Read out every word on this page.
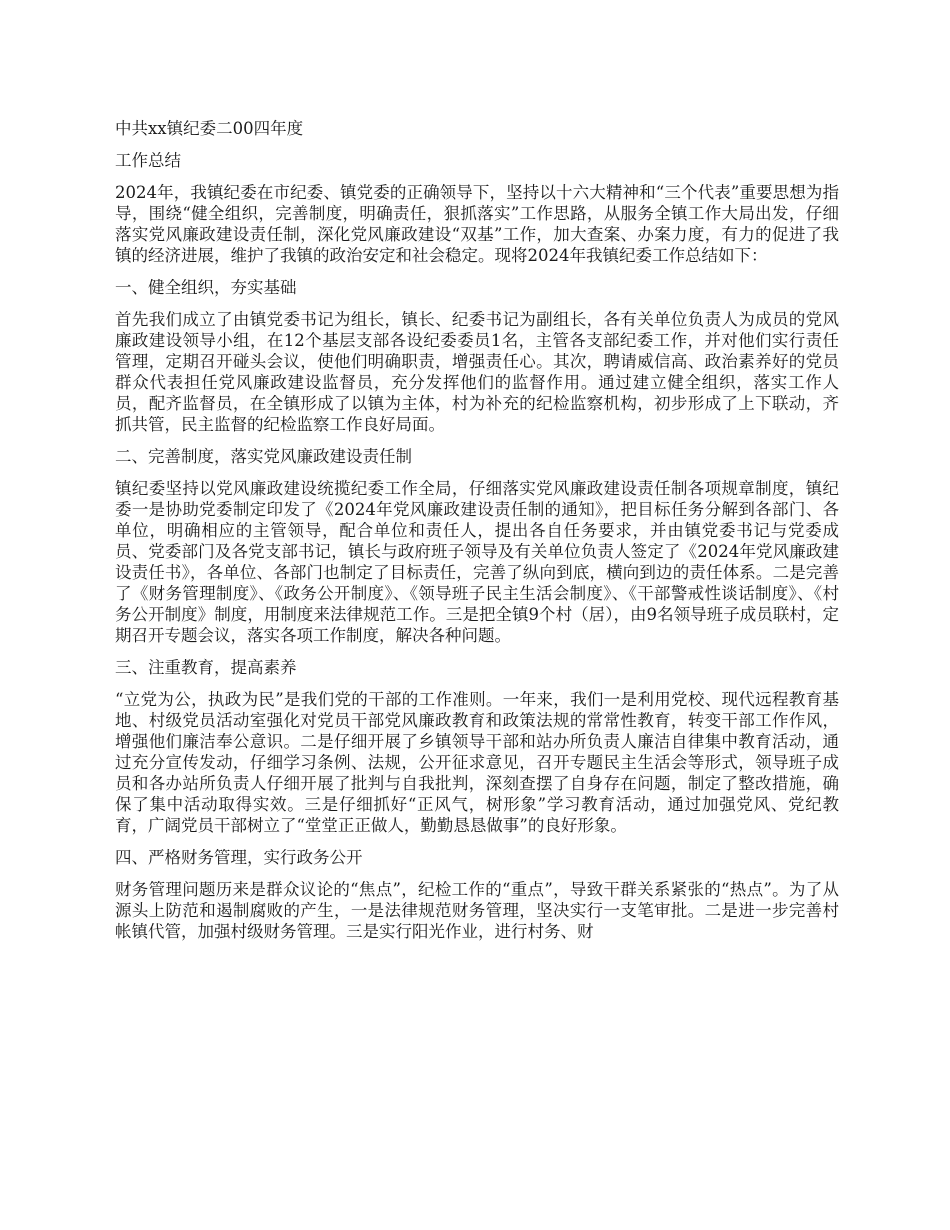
中共xx镇纪委二00四年度

工作总结

2024年，我镇纪委在市纪委、镇党委的正确领导下，坚持以十六大精神和“三个代表”重要思想为指导，围绕“健全组织，完善制度，明确责任，狠抓落实”工作思路，从服务全镇工作大局出发，仔细落实党风廉政建设责任制，深化党风廉政建设“双基”工作，加大查案、办案力度，有力的促进了我镇的经济进展，维护了我镇的政治安定和社会稳定。现将2024年我镇纪委工作总结如下：

一、健全组织，夯实基础

首先我们成立了由镇党委书记为组长，镇长、纪委书记为副组长，各有关单位负责人为成员的党风廉政建设领导小组，在12个基层支部各设纪委委员1名，主管各支部纪委工作，并对他们实行责任管理，定期召开碰头会议，使他们明确职责，增强责任心。其次，聘请威信高、政治素养好的党员群众代表担任党风廉政建设监督员，充分发挥他们的监督作用。通过建立健全组织，落实工作人员，配齐监督员，在全镇形成了以镇为主体，村为补充的纪检监察机构，初步形成了上下联动，齐抓共管，民主监督的纪检监察工作良好局面。

二、完善制度，落实党风廉政建设责任制

镇纪委坚持以党风廉政建设统揽纪委工作全局，仔细落实党风廉政建设责任制各项规章制度，镇纪委一是协助党委制定印发了《2024年党风廉政建设责任制的通知》，把目标任务分解到各部门、各单位，明确相应的主管领导，配合单位和责任人，提出各自任务要求，并由镇党委书记与党委成员、党委部门及各党支部书记，镇长与政府班子领导及有关单位负责人签定了《2024年党风廉政建设责任书》，各单位、各部门也制定了目标责任，完善了纵向到底，横向到边的责任体系。二是完善了《财务管理制度》、《政务公开制度》、《领导班子民主生活会制度》、《干部警戒性谈话制度》、《村务公开制度》制度，用制度来法律规范工作。三是把全镇9个村（居），由9名领导班子成员联村，定期召开专题会议，落实各项工作制度，解决各种问题。

三、注重教育，提高素养

“立党为公，执政为民”是我们党的干部的工作准则。一年来，我们一是利用党校、现代远程教育基地、村级党员活动室强化对党员干部党风廉政教育和政策法规的常常性教育，转变干部工作作风，增强他们廉洁奉公意识。二是仔细开展了乡镇领导干部和站办所负责人廉洁自律集中教育活动，通过充分宣传发动，仔细学习条例、法规，公开征求意见，召开专题民主生活会等形式，领导班子成员和各办站所负责人仔细开展了批判与自我批判，深刻查摆了自身存在问题，制定了整改措施，确保了集中活动取得实效。三是仔细抓好“正风气，树形象”学习教育活动，通过加强党风、党纪教育，广阔党员干部树立了“堂堂正正做人，勤勤恳恳做事”的良好形象。

四、严格财务管理，实行政务公开

财务管理问题历来是群众议论的“焦点”，纪检工作的“重点”，导致干群关系紧张的“热点”。为了从源头上防范和遏制腐败的产生，一是法律规范财务管理，坚决实行一支笔审批。二是进一步完善村帐镇代管，加强村级财务管理。三是实行阳光作业，进行村务、财
